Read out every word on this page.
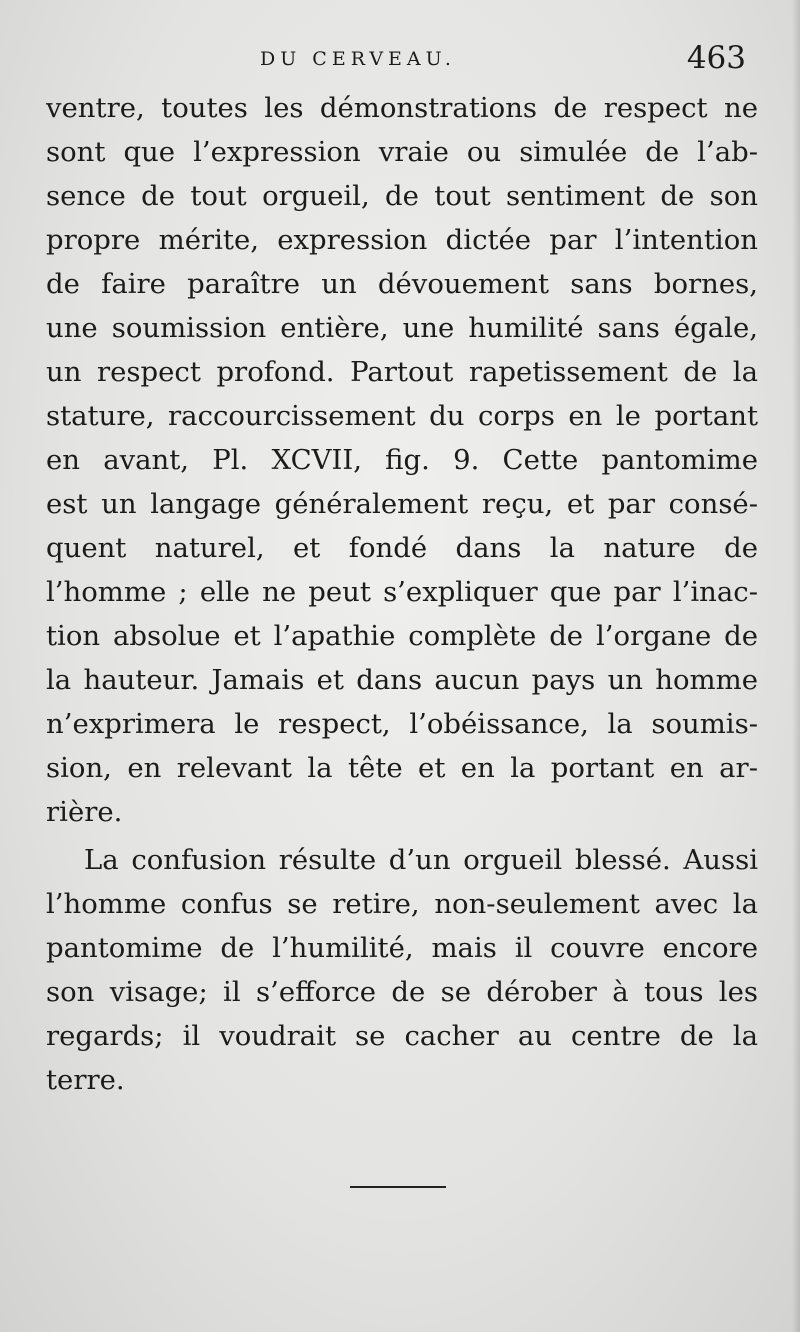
DU CERVEAU.	463
ventre, toutes les démonstrations de respect ne
sont que l’expression vraie ou simulée de l’ab-
sence de tout orgueil, de tout sentiment de son
propre mérite, expression dictée par l’intention
de faire paraître un dévouement sans bornes,
une soumission entière, une humilité sans égale,
un respect profond. Partout rapetissement de la
stature, raccourcissement du corps en le portant
en avant, Pl. XCVII, fig. 9. Cette pantomime
est un langage généralement reçu, et par consé-
quent naturel, et fondé dans la nature de
l’homme ; elle ne peut s’expliquer que par l’inac-
tion absolue et l’apathie complète de l’organe de
la hauteur. Jamais et dans aucun pays un homme
n’exprimera le respect, l’obéissance, la soumis-
sion, en relevant la tête et en la portant en ar-
rière.
La confusion résulte d’un orgueil blessé. Aussi
l’homme confus se retire, non-seulement avec la
pantomime de l’humilité, mais il couvre encore
son visage; il s’efforce de se dérober à tous les
regards; il voudrait se cacher au centre de la
terre.
